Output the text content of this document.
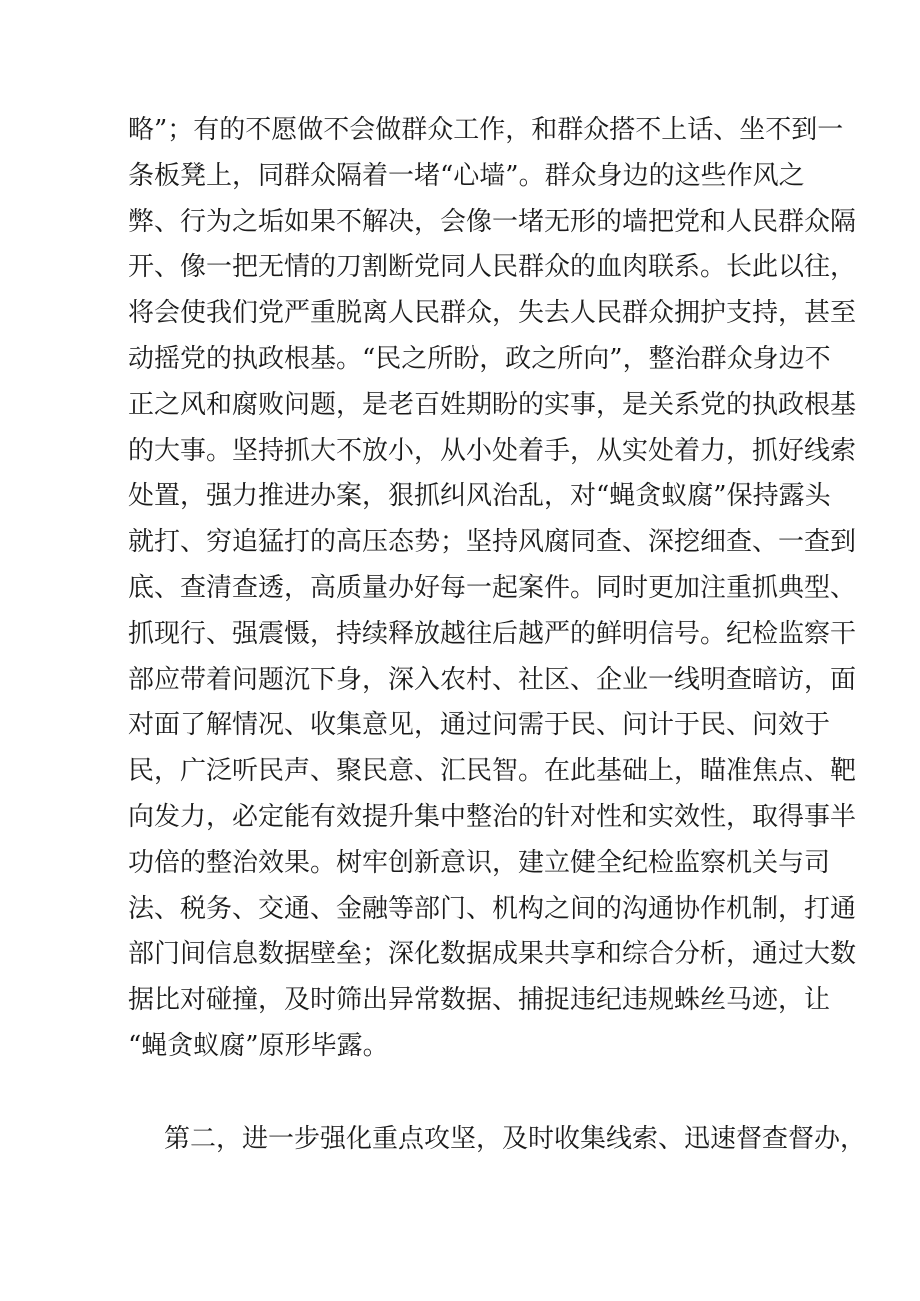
略”；有的不愿做不会做群众工作，和群众搭不上话、坐不到一
条板凳上，同群众隔着一堵“心墙”。群众身边的这些作风之
弊、行为之垢如果不解决，会像一堵无形的墙把党和人民群众隔
开、像一把无情的刀割断党同人民群众的血肉联系。长此以往，
将会使我们党严重脱离人民群众，失去人民群众拥护支持，甚至
动摇党的执政根基。“民之所盼，政之所向”，整治群众身边不
正之风和腐败问题，是老百姓期盼的实事，是关系党的执政根基
的大事。坚持抓大不放小，从小处着手，从实处着力，抓好线索
处置，强力推进办案，狠抓纠风治乱，对“蝇贪蚁腐”保持露头
就打、穷追猛打的高压态势；坚持风腐同查、深挖细查、一查到
底、查清查透，高质量办好每一起案件。同时更加注重抓典型、
抓现行、强震慑，持续释放越往后越严的鲜明信号。纪检监察干
部应带着问题沉下身，深入农村、社区、企业一线明查暗访，面
对面了解情况、收集意见，通过问需于民、问计于民、问效于
民，广泛听民声、聚民意、汇民智。在此基础上，瞄准焦点、靶
向发力，必定能有效提升集中整治的针对性和实效性，取得事半
功倍的整治效果。树牢创新意识，建立健全纪检监察机关与司
法、税务、交通、金融等部门、机构之间的沟通协作机制，打通
部门间信息数据壁垒；深化数据成果共享和综合分析，通过大数
据比对碰撞，及时筛出异常数据、捕捉违纪违规蛛丝马迹，让
“蝇贪蚁腐”原形毕露。
第二，进一步强化重点攻坚，及时收集线索、迅速督查督办，
